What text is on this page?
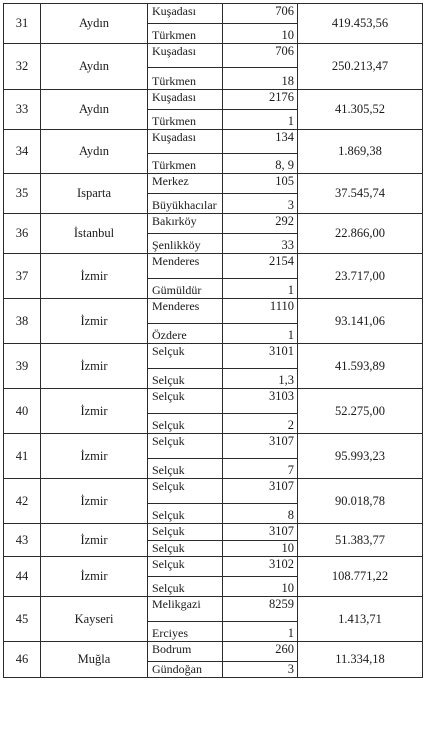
31	Aydın	Kuşadası	706	419.453,56
		Türkmen	10	
32	Aydın	Kuşadası	706	250.213,47
		Türkmen	18	
33	Aydın	Kuşadası	2176	41.305,52
		Türkmen	1	
34	Aydın	Kuşadası	134	1.869,38
		Türkmen	8, 9	
35	Isparta	Merkez	105	37.545,74
		Büyükhacılar	3	
36	İstanbul	Bakırköy	292	22.866,00
		Şenlikköy	33	
37	İzmir	Menderes	2154	23.717,00
		Gümüldür	1	
38	İzmir	Menderes	1110	93.141,06
		Özdere	1	
39	İzmir	Selçuk	3101	41.593,89
		Selçuk	1,3	
40	İzmir	Selçuk	3103	52.275,00
		Selçuk	2	
41	İzmir	Selçuk	3107	95.993,23
		Selçuk	7	
42	İzmir	Selçuk	3107	90.018,78
		Selçuk	8	
43	İzmir	Selçuk	3107	51.383,77
		Selçuk	10	
44	İzmir	Selçuk	3102	108.771,22
		Selçuk	10	
45	Kayseri	Melikgazi	8259	1.413,71
		Erciyes	1	
46	Muğla	Bodrum	260	11.334,18
		Gündoğan	3	
